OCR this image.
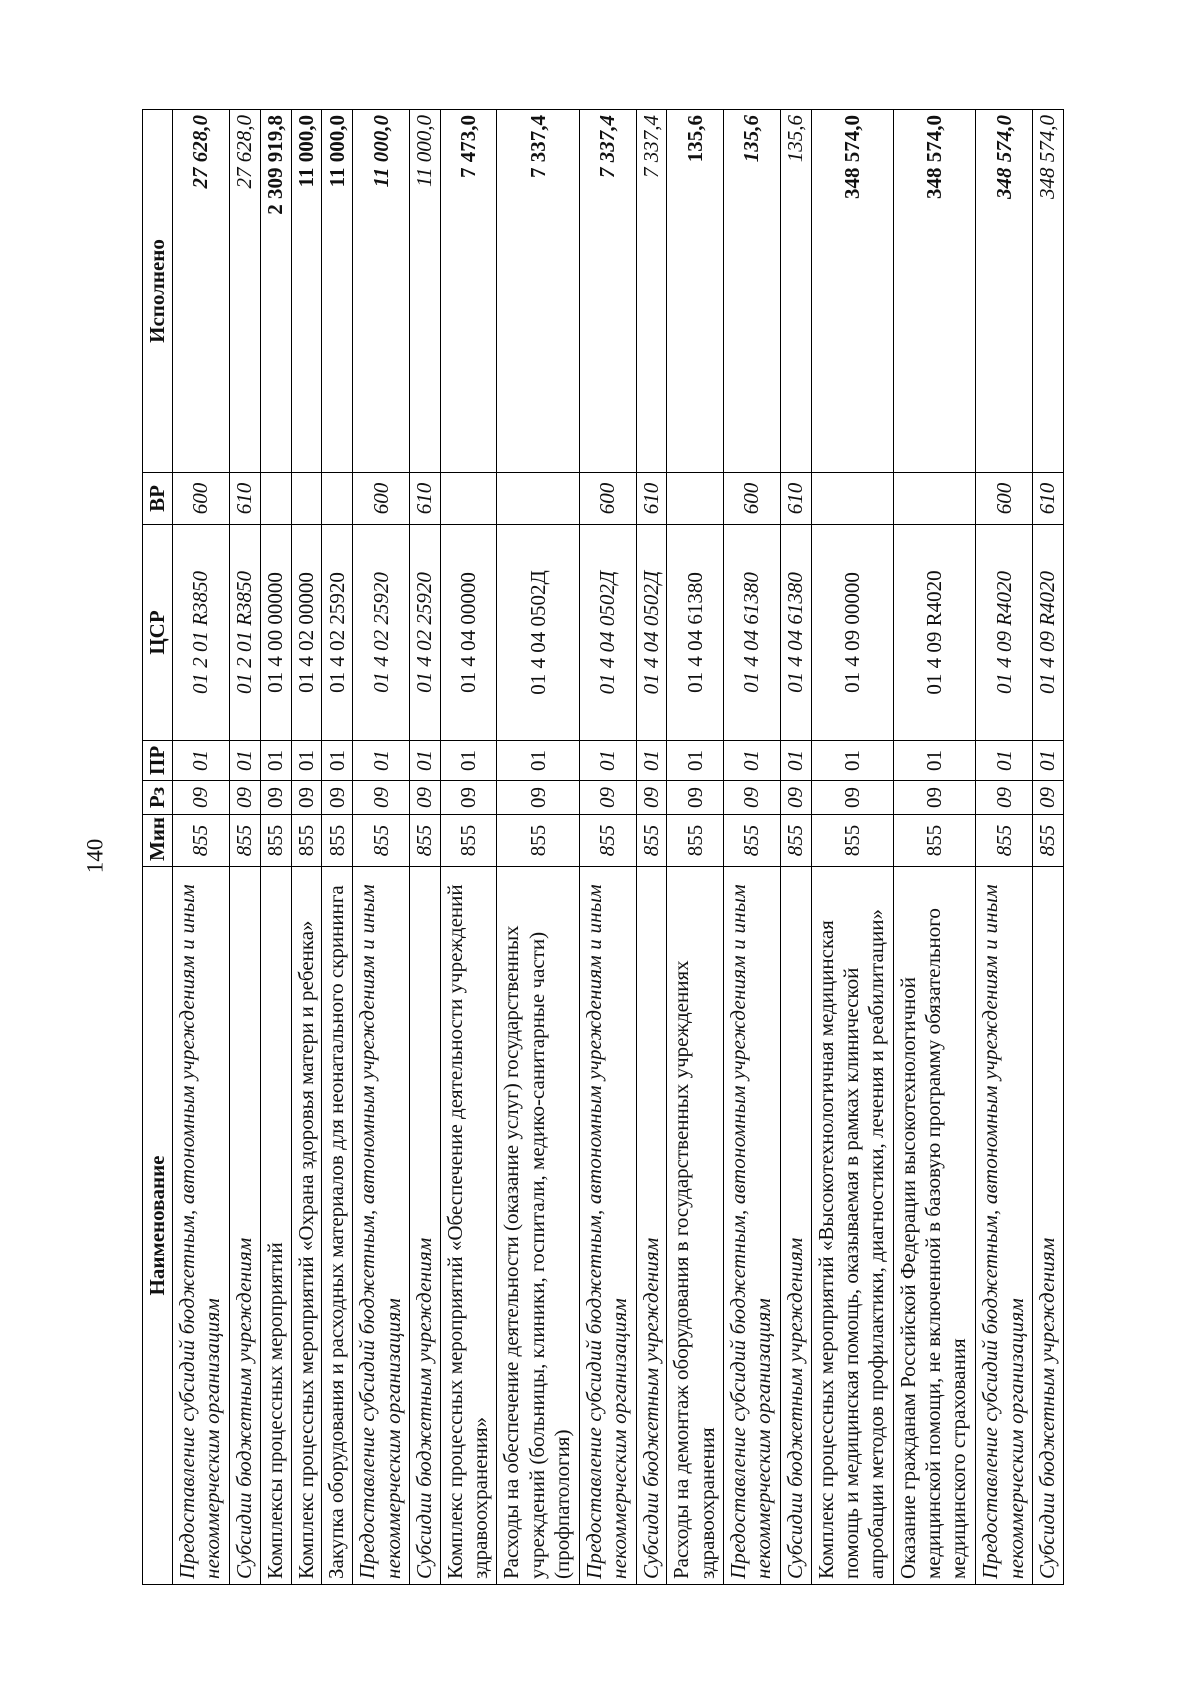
140
Наименование	Мин	Рз	ПР	ЦСР	ВР	Исполнено
Предоставление субсидий бюджетным, автономным учреждениям и иным некоммерческим организациям	855	09	01	01 2 01 R3850	600	27 628,0
Субсидии бюджетным учреждениям	855	09	01	01 2 01 R3850	610	27 628,0
Комплексы процессных мероприятий	855	09	01	01 4 00 00000		2 309 919,8
Комплекс процессных мероприятий «Охрана здоровья матери и ребенка»	855	09	01	01 4 02 00000		11 000,0
Закупка оборудования и расходных материалов для неонатального скрининга	855	09	01	01 4 02 25920		11 000,0
Предоставление субсидий бюджетным, автономным учреждениям и иным некоммерческим организациям	855	09	01	01 4 02 25920	600	11 000,0
Субсидии бюджетным учреждениям	855	09	01	01 4 02 25920	610	11 000,0
Комплекс процессных мероприятий «Обеспечение деятельности учреждений здравоохранения»	855	09	01	01 4 04 00000		7 473,0
Расходы на обеспечение деятельности (оказание услуг) государственных учреждений (больницы, клиники, госпитали, медико-санитарные части) (профпатология)	855	09	01	01 4 04 0502Д		7 337,4
Предоставление субсидий бюджетным, автономным учреждениям и иным некоммерческим организациям	855	09	01	01 4 04 0502Д	600	7 337,4
Субсидии бюджетным учреждениям	855	09	01	01 4 04 0502Д	610	7 337,4
Расходы на демонтаж оборудования в государственных учреждениях здравоохранения	855	09	01	01 4 04 61380		135,6
Предоставление субсидий бюджетным, автономным учреждениям и иным некоммерческим организациям	855	09	01	01 4 04 61380	600	135,6
Субсидии бюджетным учреждениям	855	09	01	01 4 04 61380	610	135,6
Комплекс процессных мероприятий «Высокотехнологичная медицинская помощь и медицинская помощь, оказываемая в рамках клинической апробации методов профилактики, диагностики, лечения и реабилитации»	855	09	01	01 4 09 00000		348 574,0
Оказание гражданам Российской Федерации высокотехнологичной медицинской помощи, не включенной в базовую программу обязательного медицинского страхования	855	09	01	01 4 09 R4020		348 574,0
Предоставление субсидий бюджетным, автономным учреждениям и иным некоммерческим организациям	855	09	01	01 4 09 R4020	600	348 574,0
Субсидии бюджетным учреждениям	855	09	01	01 4 09 R4020	610	348 574,0
